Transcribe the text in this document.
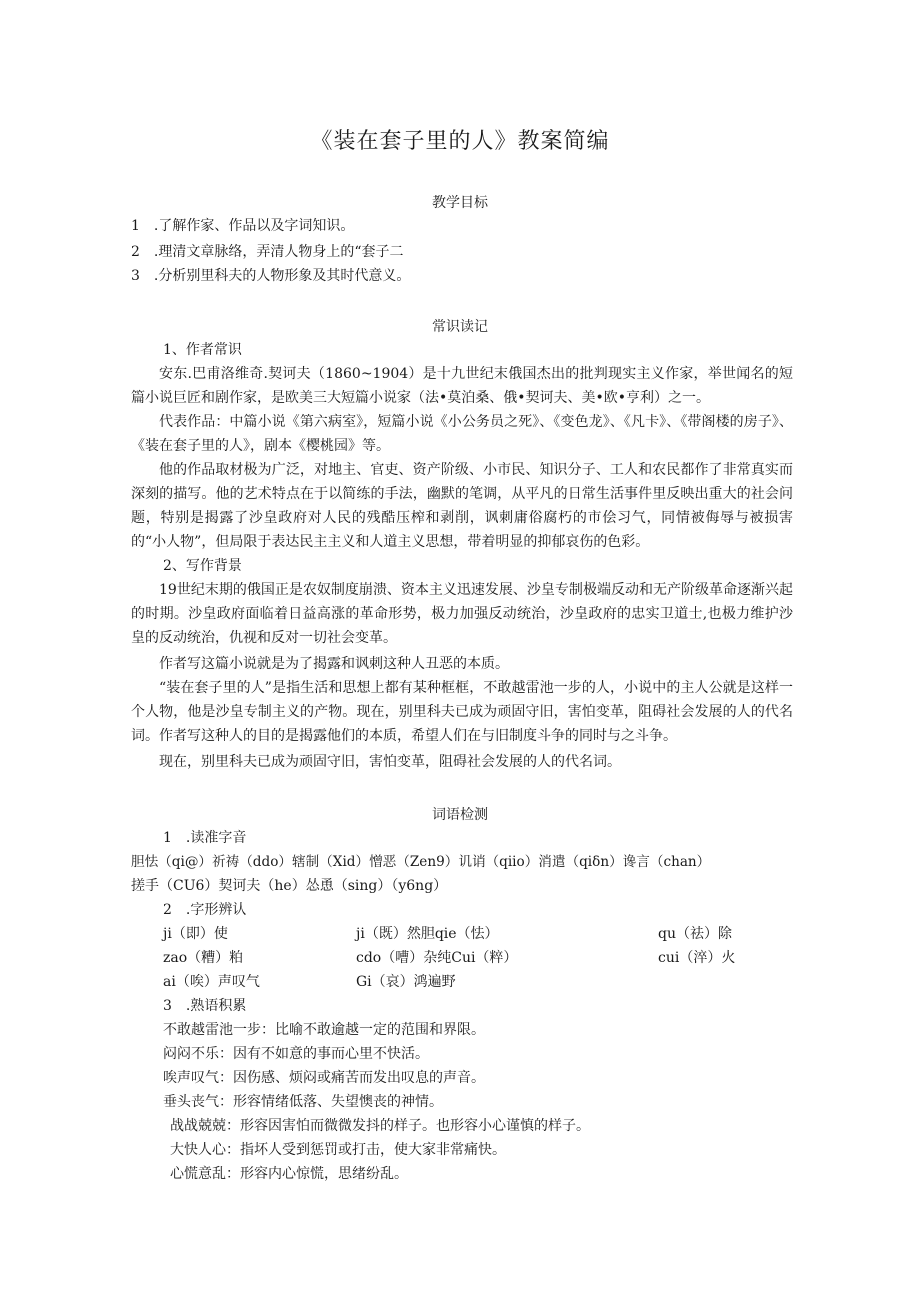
《装在套子里的人》教案简编
教学目标
1　.了解作家、作品以及字词知识。
2　.理清文章脉络，弄清人物身上的“套子二
3　.分析别里科夫的人物形象及其时代意义。
常识读记
1、作者常识
安东.巴甫洛维奇.契诃夫（1860~1904）是十九世纪末俄国杰出的批判现实主义作家，举世闻名的短篇小说巨匠和剧作家，是欧美三大短篇小说家（法•莫泊桑、俄•契诃夫、美•欧•亨利）之一。
代表作品：中篇小说《第六病室》，短篇小说《小公务员之死》、《变色龙》、《凡卡》、《带阁楼的房子》、《装在套子里的人》，剧本《樱桃园》等。
他的作品取材极为广泛，对地主、官吏、资产阶级、小市民、知识分子、工人和农民都作了非常真实而深刻的描写。他的艺术特点在于以简练的手法，幽默的笔调，从平凡的日常生活事件里反映出重大的社会问题，特别是揭露了沙皇政府对人民的残酷压榨和剥削，讽刺庸俗腐朽的市侩习气，同情被侮辱与被损害的“小人物”，但局限于表达民主主义和人道主义思想，带着明显的抑郁哀伤的色彩。
2、写作背景
19世纪末期的俄国正是农奴制度崩溃、资本主义迅速发展、沙皇专制极端反动和无产阶级革命逐渐兴起的时期。沙皇政府面临着日益高涨的革命形势，极力加强反动统治，沙皇政府的忠实卫道士,也极力维护沙皇的反动统治，仇视和反对一切社会变革。
作者写这篇小说就是为了揭露和讽刺这种人丑恶的本质。
“装在套子里的人”是指生活和思想上都有某种框框，不敢越雷池一步的人，小说中的主人公就是这样一个人物，他是沙皇专制主义的产物。现在，别里科夫已成为顽固守旧，害怕变革，阻碍社会发展的人的代名词。作者写这种人的目的是揭露他们的本质，希望人们在与旧制度斗争的同时与之斗争。
现在，别里科夫已成为顽固守旧，害怕变革，阻碍社会发展的人的代名词。
词语检测
1　.读准字音
胆怯（qi@）祈祷（ddo）辖制（Xid）憎恶（Zen9）讥诮（qiio）消遣（qiδn）谗言（chan）
搓手（CU6）契诃夫（he）怂恿（sing）（y6ng）
2　.字形辨认
ji（即）使	ji（既）然胆qie（怯）	qu（祛）除
zao（糟）粕	cdo（嘈）杂纯Cui（粹）	cui（淬）火
ai（唉）声叹气	Gi（哀）鸿遍野
3　.熟语积累
不敢越雷池一步：比喻不敢逾越一定的范围和界限。
闷闷不乐：因有不如意的事而心里不快活。
唉声叹气：因伤感、烦闷或痛苦而发出叹息的声音。
垂头丧气：形容情绪低落、失望懊丧的神情。
战战兢兢：形容因害怕而微微发抖的样子。也形容小心谨慎的样子。
大快人心：指坏人受到惩罚或打击，使大家非常痛快。
心慌意乱：形容内心惊慌，思绪纷乱。
